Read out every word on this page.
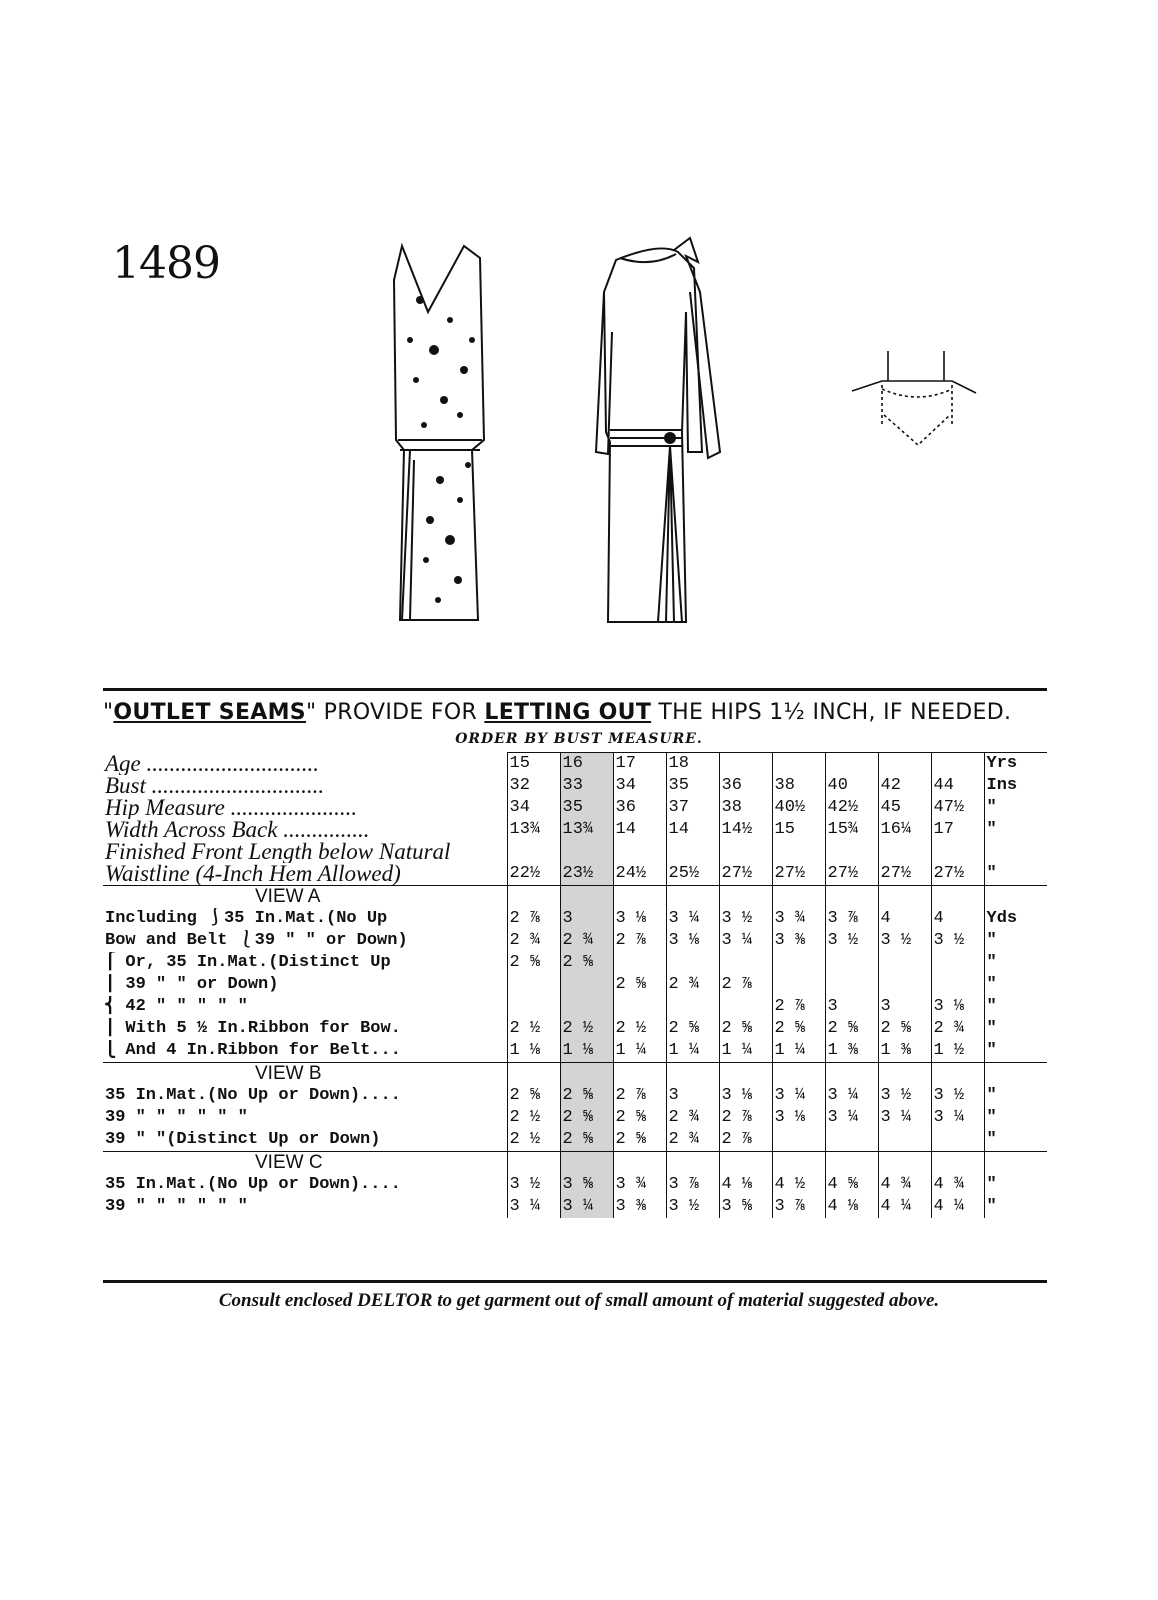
1489
"OUTLET SEAMS" PROVIDE FOR LETTING OUT THE HIPS 1½ INCH, IF NEEDED.
ORDER BY BUST MEASURE.
Age ..............................	15	16	17	18						Yrs
Bust ..............................	32	33	34	35	36	38	40	42	44	Ins
Hip Measure ......................	34	35	36	37	38	40½	42½	45	47½	"
Width Across Back ...............	13¾	13¾	14	14	14½	15	15¾	16¼	17	"
Finished Front Length below Natural										
Waistline (4-Inch Hem Allowed)	22½	23½	24½	25½	27½	27½	27½	27½	27½	"
VIEW A										
Including ⎰35 In.Mat.(No Up	2 ⅞	3	3 ⅛	3 ¼	3 ½	3 ¾	3 ⅞	4	4	Yds
Bow and Belt ⎱39 " " or Down)	2 ¾	2 ¾	2 ⅞	3 ⅛	3 ¼	3 ⅜	3 ½	3 ½	3 ½	"
⎧ Or, 35 In.Mat.(Distinct Up	2 ⅝	2 ⅝								"
⎪ 39 " " or Down)			2 ⅝	2 ¾	2 ⅞					"
⎨ 42 " " " " "						2 ⅞	3	3	3 ⅛	"
⎪ With 5 ½ In.Ribbon for Bow.	2 ½	2 ½	2 ½	2 ⅝	2 ⅝	2 ⅝	2 ⅝	2 ⅝	2 ¾	"
⎩ And 4 In.Ribbon for Belt...	1 ⅛	1 ⅛	1 ¼	1 ¼	1 ¼	1 ¼	1 ⅜	1 ⅜	1 ½	"
VIEW B										
35 In.Mat.(No Up or Down)....	2 ⅝	2 ⅝	2 ⅞	3	3 ⅛	3 ¼	3 ¼	3 ½	3 ½	"
39 " " " " " "	2 ½	2 ⅝	2 ⅝	2 ¾	2 ⅞	3 ⅛	3 ¼	3 ¼	3 ¼	"
39 " "(Distinct Up or Down)	2 ½	2 ⅝	2 ⅝	2 ¾	2 ⅞					"
VIEW C										
35 In.Mat.(No Up or Down)....	3 ½	3 ⅝	3 ¾	3 ⅞	4 ⅛	4 ½	4 ⅝	4 ¾	4 ¾	"
39 " " " " " "	3 ¼	3 ¼	3 ⅜	3 ½	3 ⅝	3 ⅞	4 ⅛	4 ¼	4 ¼	"
Consult enclosed DELTOR to get garment out of small amount of material suggested above.
